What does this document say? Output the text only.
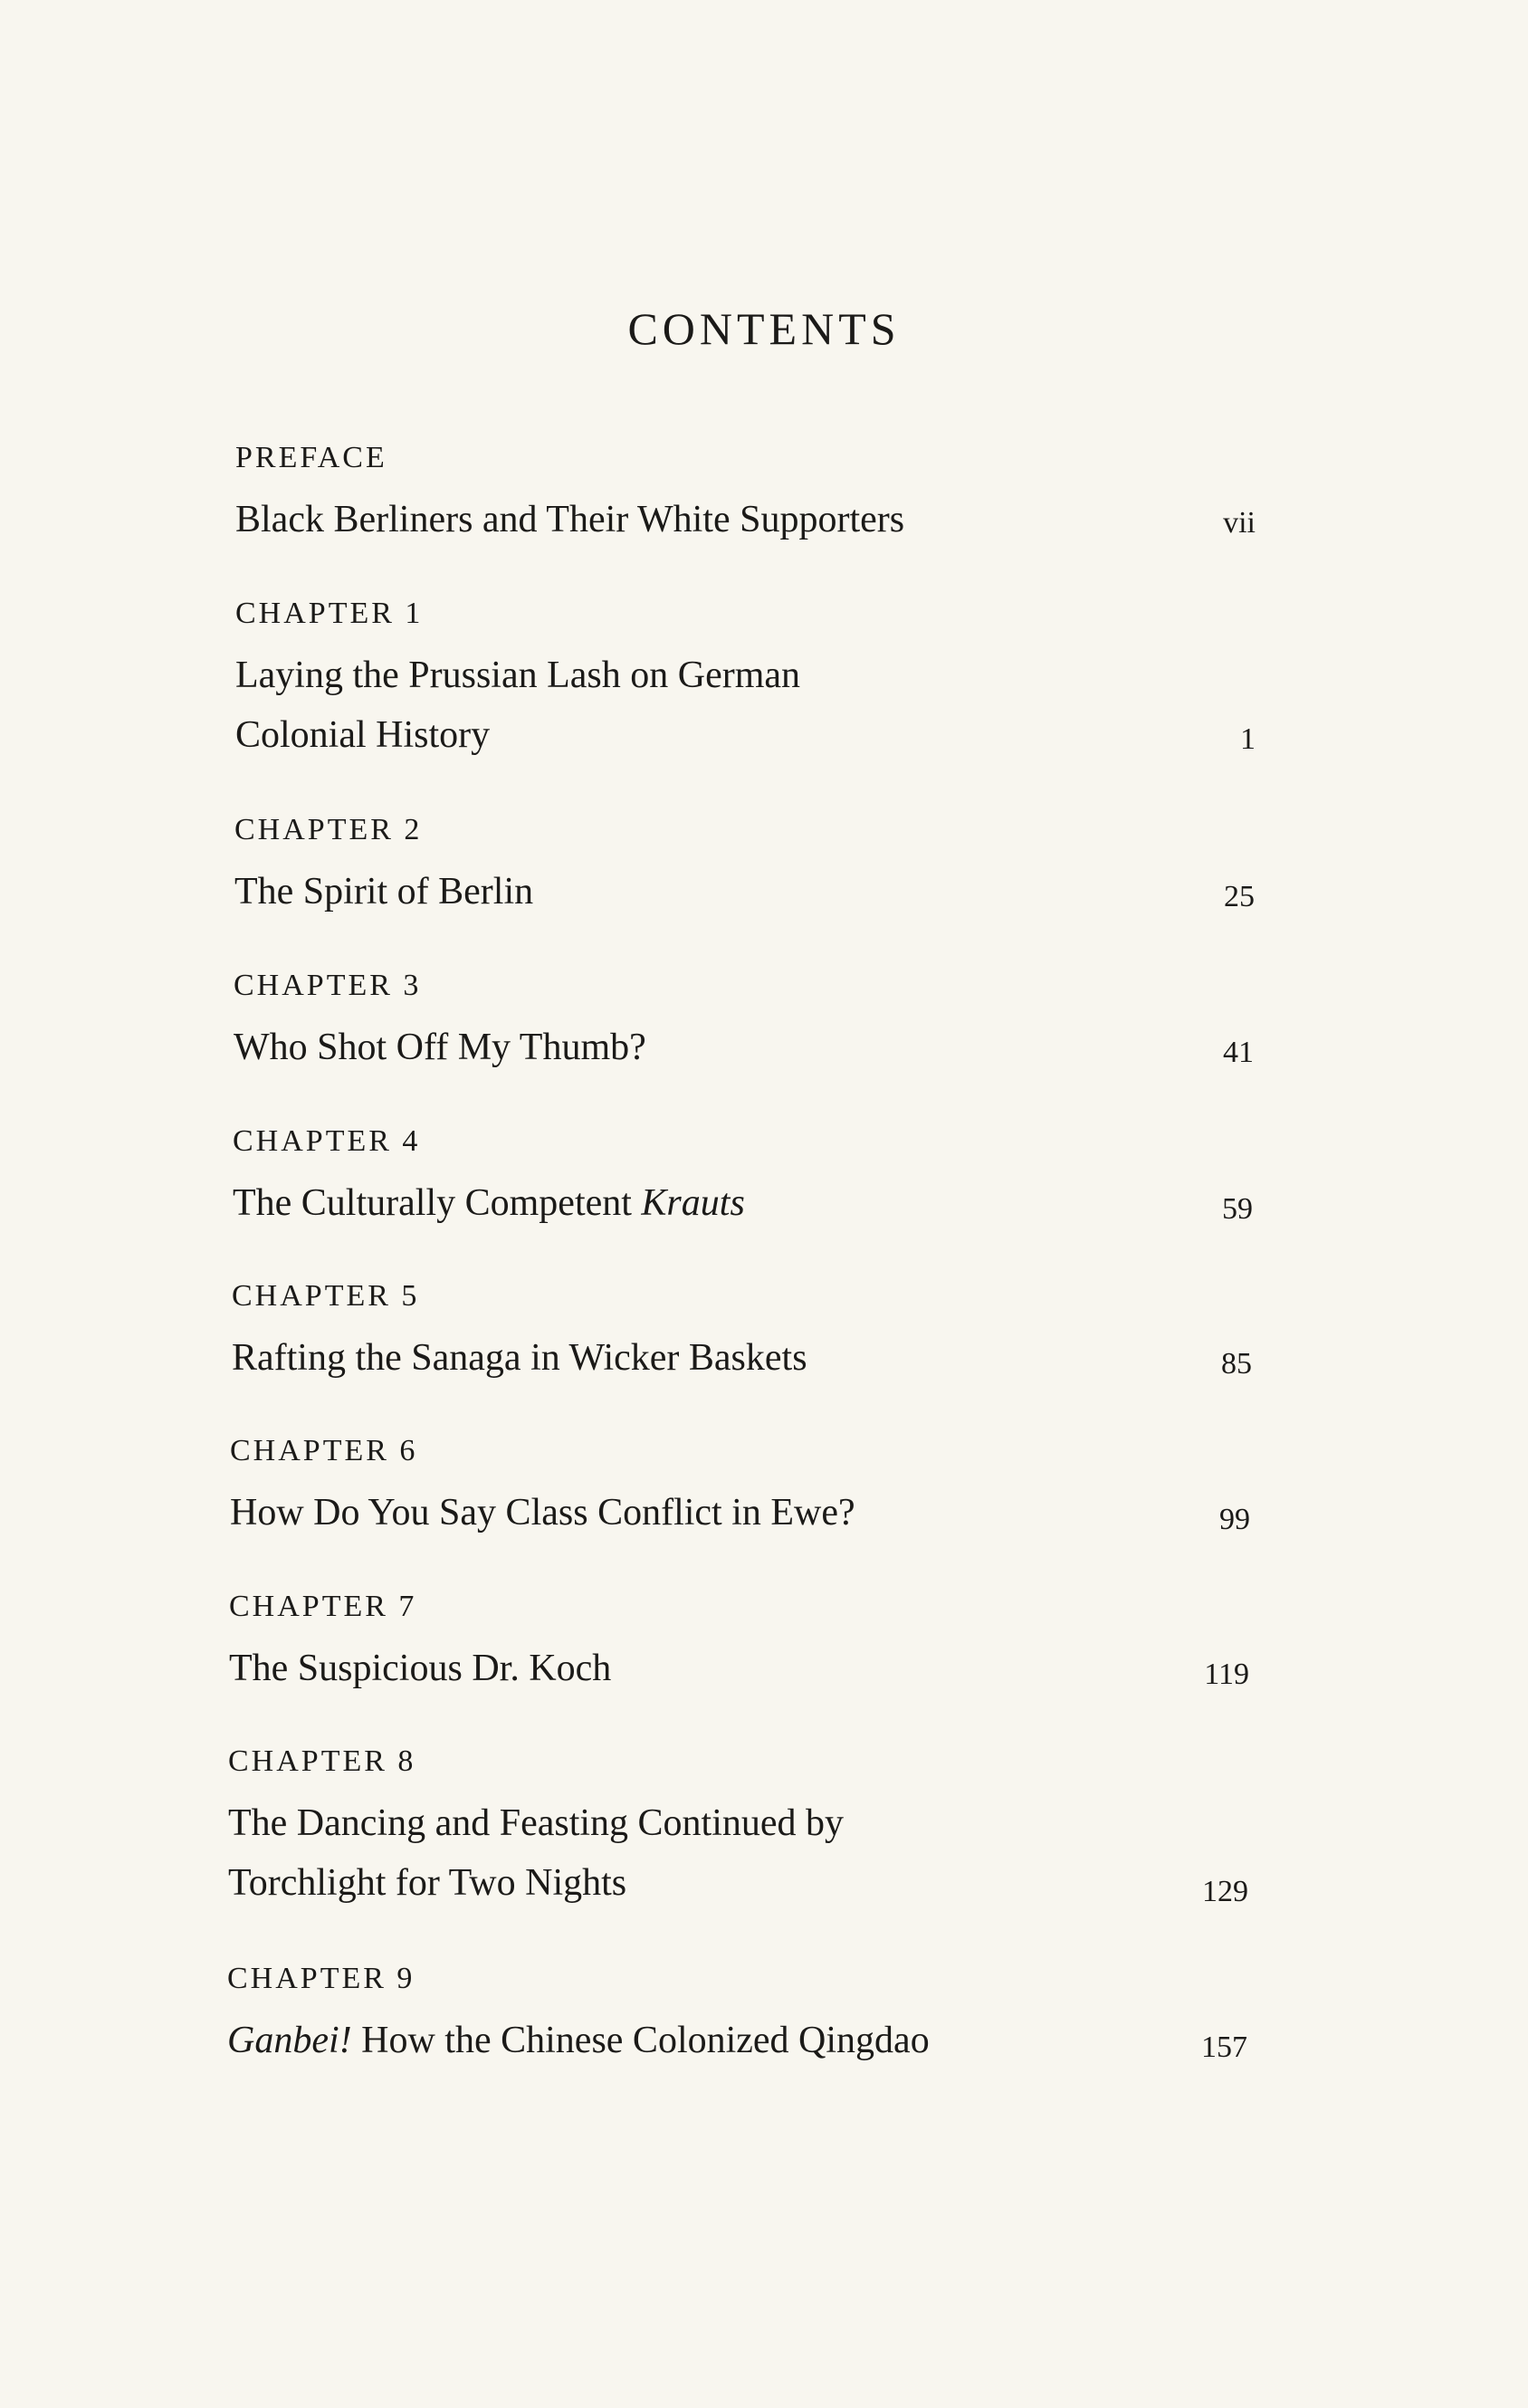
CONTENTS
PREFACE
Black Berliners and Their White Supporters	vii
CHAPTER 1
Laying the Prussian Lash on German
Colonial History	1
CHAPTER 2
The Spirit of Berlin	25
CHAPTER 3
Who Shot Off My Thumb?	41
CHAPTER 4
The Culturally Competent Krauts	59
CHAPTER 5
Rafting the Sanaga in Wicker Baskets	85
CHAPTER 6
How Do You Say Class Conflict in Ewe?	99
CHAPTER 7
The Suspicious Dr. Koch	119
CHAPTER 8
The Dancing and Feasting Continued by
Torchlight for Two Nights	129
CHAPTER 9
Ganbei! How the Chinese Colonized Qingdao	157
